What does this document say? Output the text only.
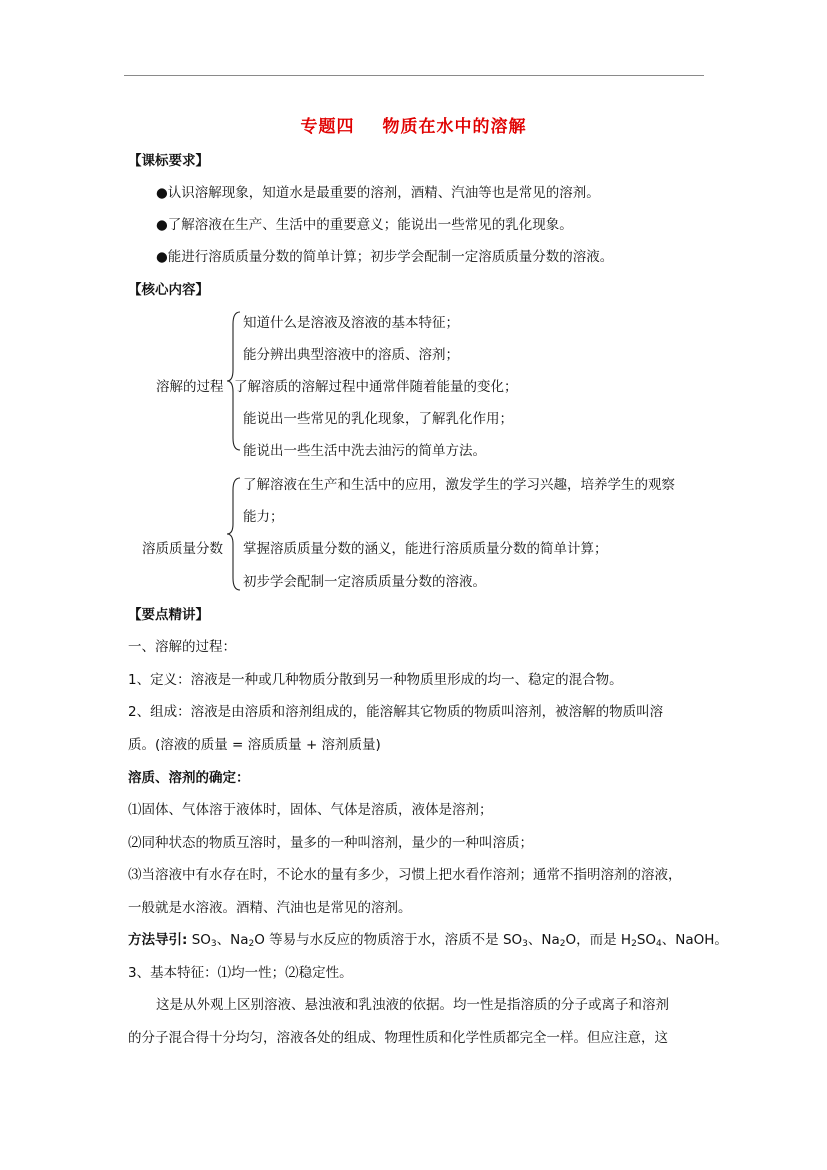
专题四 物质在水中的溶解
【课标要求】
●认识溶解现象，知道水是最重要的溶剂，酒精、汽油等也是常见的溶剂。
●了解溶液在生产、生活中的重要意义；能说出一些常见的乳化现象。
●能进行溶质质量分数的简单计算；初步学会配制一定溶质质量分数的溶液。
【核心内容】
溶解的过程
知道什么是溶液及溶液的基本特征；
能分辨出典型溶液中的溶质、溶剂；
了解溶质的溶解过程中通常伴随着能量的变化；
能说出一些常见的乳化现象，了解乳化作用；
能说出一些生活中洗去油污的简单方法。
溶质质量分数
了解溶液在生产和生活中的应用，激发学生的学习兴趣，培养学生的观察
能力；
掌握溶质质量分数的涵义，能进行溶质质量分数的简单计算；
初步学会配制一定溶质质量分数的溶液。
【要点精讲】
一、溶解的过程：
1、定义：溶液是一种或几种物质分散到另一种物质里形成的均一、稳定的混合物。
2、组成：溶液是由溶质和溶剂组成的，能溶解其它物质的物质叫溶剂，被溶解的物质叫溶
质。(溶液的质量 = 溶质质量 + 溶剂质量)
溶质、溶剂的确定：
⑴固体、气体溶于液体时，固体、气体是溶质，液体是溶剂；
⑵同种状态的物质互溶时，量多的一种叫溶剂，量少的一种叫溶质；
⑶当溶液中有水存在时，不论水的量有多少，习惯上把水看作溶剂；通常不指明溶剂的溶液，
一般就是水溶液。酒精、汽油也是常见的溶剂。
方法导引: $SO_3$、$Na_2O$ 等易与水反应的物质溶于水，溶质不是 $SO_3$、$Na_2O$，而是 $H_2SO_4$、NaOH。
3、基本特征：⑴均一性；⑵稳定性。
这是从外观上区别溶液、悬浊液和乳浊液的依据。均一性是指溶质的分子或离子和溶剂
的分子混合得十分均匀，溶液各处的组成、物理性质和化学性质都完全一样。但应注意，这
